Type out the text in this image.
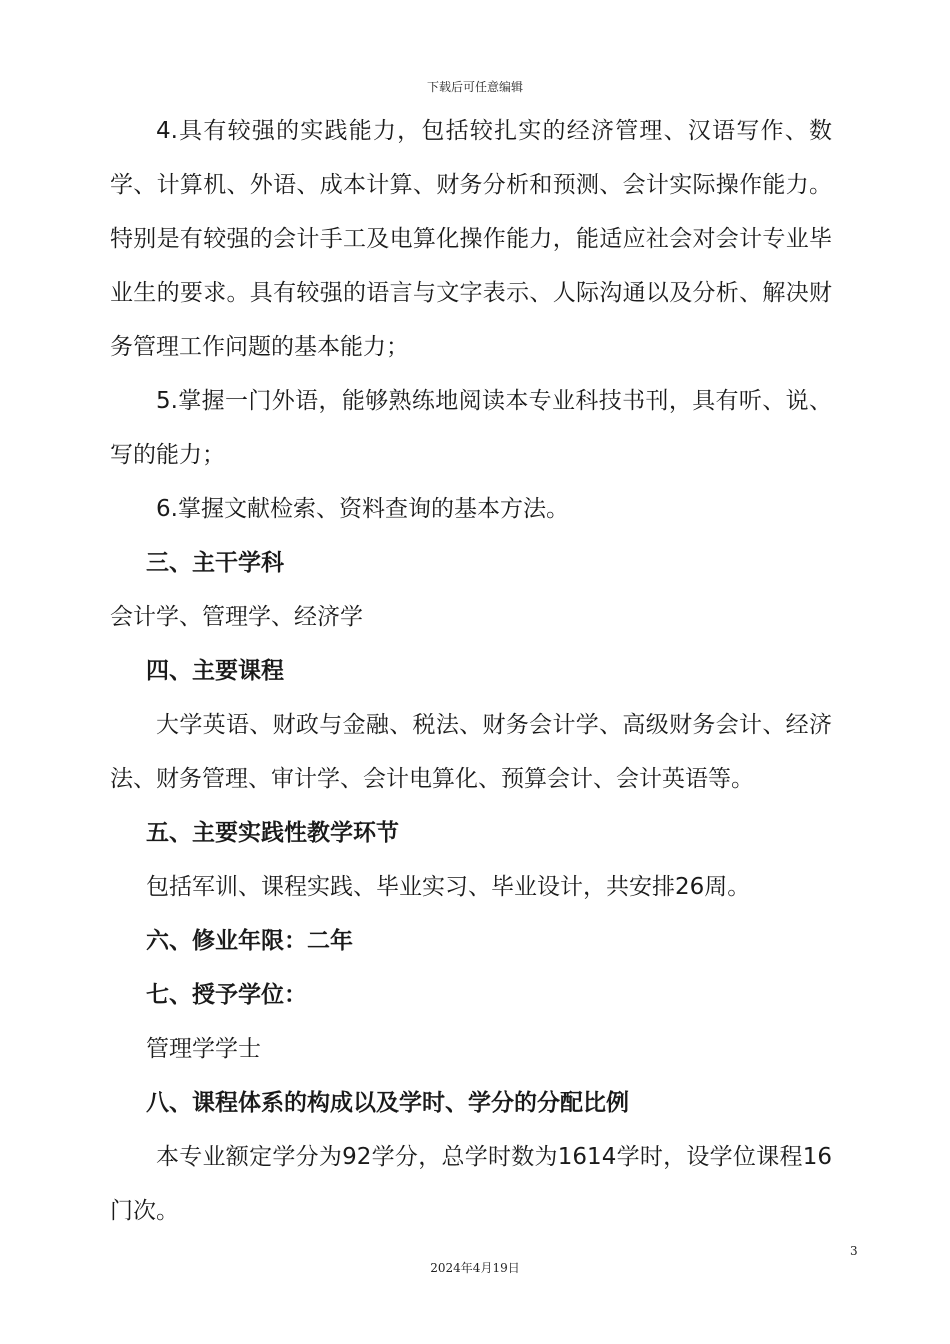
下载后可任意编辑

4.具有较强的实践能力，包括较扎实的经济管理、汉语写作、数学、计算机、外语、成本计算、财务分析和预测、会计实际操作能力。特别是有较强的会计手工及电算化操作能力，能适应社会对会计专业毕业生的要求。具有较强的语言与文字表示、人际沟通以及分析、解决财务管理工作问题的基本能力；

5.掌握一门外语，能够熟练地阅读本专业科技书刊，具有听、说、写的能力；

6.掌握文献检索、资料查询的基本方法。

三、主干学科

会计学、管理学、经济学

四、主要课程

大学英语、财政与金融、税法、财务会计学、高级财务会计、经济法、财务管理、审计学、会计电算化、预算会计、会计英语等。

五、主要实践性教学环节

包括军训、课程实践、毕业实习、毕业设计，共安排26周。

六、修业年限：二年

七、授予学位：

管理学学士

八、课程体系的构成以及学时、学分的分配比例

本专业额定学分为92学分，总学时数为1614学时，设学位课程16门次。

3
2024年4月19日
